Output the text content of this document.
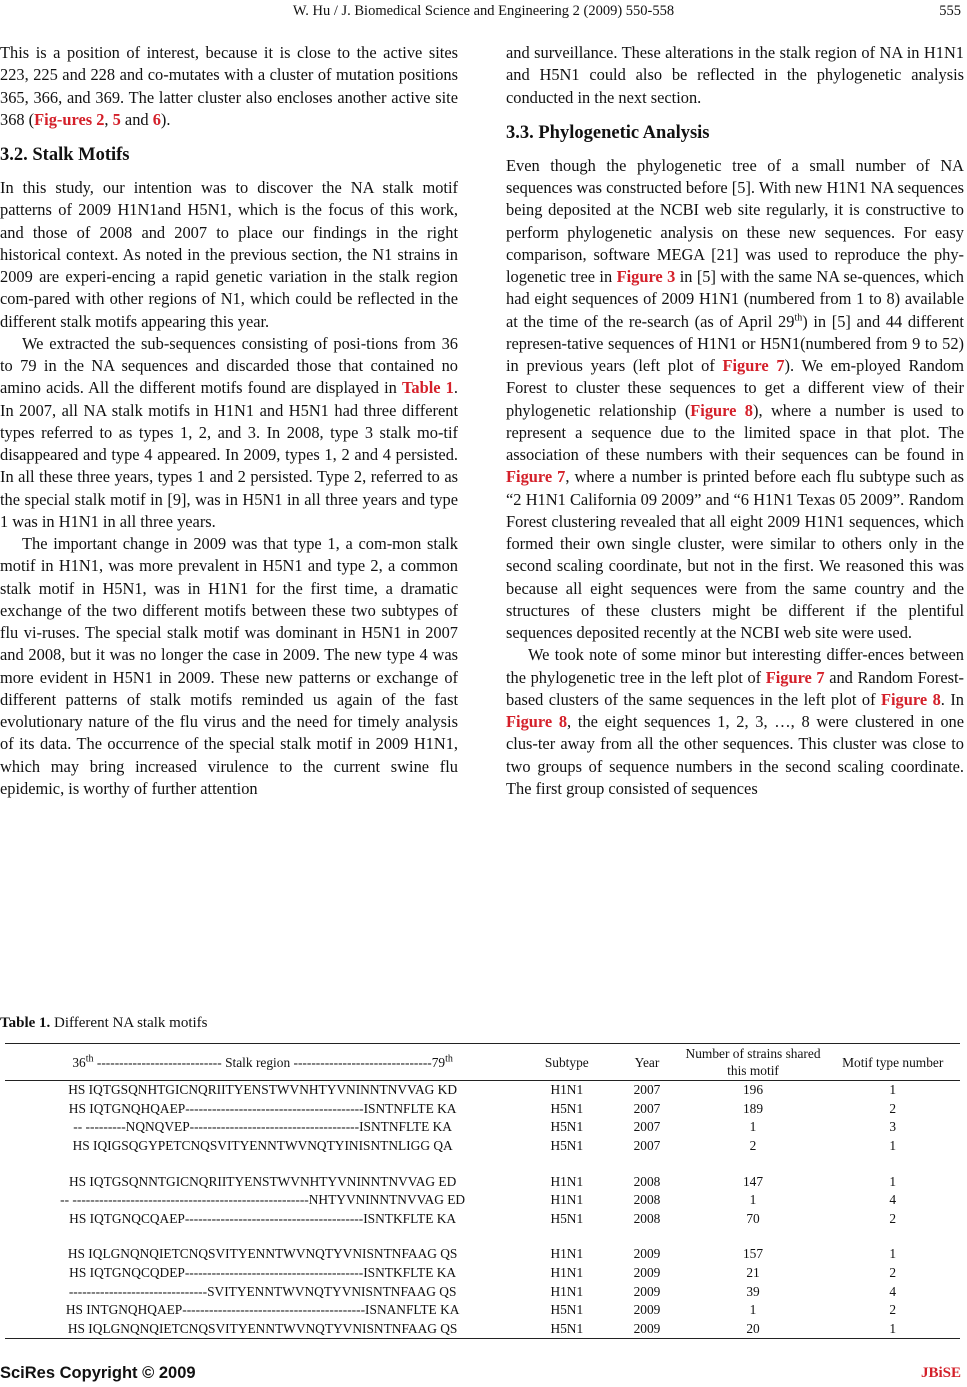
W. Hu / J. Biomedical Science and Engineering 2 (2009) 550-558	555

This is a position of interest, because it is close to the active sites 223, 225 and 228 and co-mutates with a cluster of mutation positions 365, 366, and 369. The latter cluster also encloses another active site 368 (Fig-ures 2, 5 and 6).

3.2. Stalk Motifs

In this study, our intention was to discover the NA stalk motif patterns of 2009 H1N1and H5N1, which is the focus of this work, and those of 2008 and 2007 to place our findings in the right historical context. As noted in the previous section, the N1 strains in 2009 are experi-encing a rapid genetic variation in the stalk region com-pared with other regions of N1, which could be reflected in the different stalk motifs appearing this year.

We extracted the sub-sequences consisting of posi-tions from 36 to 79 in the NA sequences and discarded those that contained no amino acids. All the different motifs found are displayed in Table 1. In 2007, all NA stalk motifs in H1N1 and H5N1 had three different types referred to as types 1, 2, and 3. In 2008, type 3 stalk mo-tif disappeared and type 4 appeared. In 2009, types 1, 2 and 4 persisted. In all these three years, types 1 and 2 persisted. Type 2, referred to as the special stalk motif in [9], was in H5N1 in all three years and type 1 was in H1N1 in all three years.

The important change in 2009 was that type 1, a com-mon stalk motif in H1N1, was more prevalent in H5N1 and type 2, a common stalk motif in H5N1, was in H1N1 for the first time, a dramatic exchange of the two different motifs between these two subtypes of flu vi-ruses. The special stalk motif was dominant in H5N1 in 2007 and 2008, but it was no longer the case in 2009. The new type 4 was more evident in H5N1 in 2009. These new patterns or exchange of different patterns of stalk motifs reminded us again of the fast evolutionary nature of the flu virus and the need for timely analysis of its data. The occurrence of the special stalk motif in 2009 H1N1, which may bring increased virulence to the current swine flu epidemic, is worthy of further attention

and surveillance. These alterations in the stalk region of NA in H1N1 and H5N1 could also be reflected in the phylogenetic analysis conducted in the next section.

3.3. Phylogenetic Analysis

Even though the phylogenetic tree of a small number of NA sequences was constructed before [5]. With new H1N1 NA sequences being deposited at the NCBI web site regularly, it is constructive to perform phylogenetic analysis on these new sequences. For easy comparison, software MEGA [21] was used to reproduce the phy-logenetic tree in Figure 3 in [5] with the same NA se-quences, which had eight sequences of 2009 H1N1 (numbered from 1 to 8) available at the time of the re-search (as of April 29th) in [5] and 44 different represen-tative sequences of H1N1 or H5N1(numbered from 9 to 52) in previous years (left plot of Figure 7). We em-ployed Random Forest to cluster these sequences to get a different view of their phylogenetic relationship (Figure 8), where a number is used to represent a sequence due to the limited space in that plot. The association of these numbers with their sequences can be found in Figure 7, where a number is printed before each flu subtype such as “2 H1N1 California 09 2009” and “6 H1N1 Texas 05 2009”. Random Forest clustering revealed that all eight 2009 H1N1 sequences, which formed their own single cluster, were similar to others only in the second scaling coordinate, but not in the first. We reasoned this was because all eight sequences were from the same country and the structures of these clusters might be different if the plentiful sequences deposited recently at the NCBI web site were used.

We took note of some minor but interesting differ-ences between the phylogenetic tree in the left plot of Figure 7 and Random Forest-based clusters of the same sequences in the left plot of Figure 8. In Figure 8, the eight sequences 1, 2, 3, …, 8 were clustered in one clus-ter away from all the other sequences. This cluster was close to two groups of sequence numbers in the second scaling coordinate. The first group consisted of sequences

Table 1. Different NA stalk motifs
36th ---------------------------- Stalk region -------------------------------79th	Subtype	Year	Number of strains shared this motif	Motif type number
HS IQTGSQNHTGICNQRIITYENSTWVNHTYVNINNTNVVAG KD	H1N1	2007	196	1
HS IQTGNQHQAEP----------------------------------------ISNTNFLTE KA	H5N1	2007	189	2
-- ---------NQNQVEP--------------------------------------ISNTNFLTE KA	H5N1	2007	1	3
HS IQIGSQGYPETCNQSVITYENNTWVNQTYINISNTNLIGG QA	H5N1	2007	2	1

HS IQTGSQNNTGICNQRIITYENSTWVNHTYVNINNTNVVAG ED	H1N1	2008	147	1
-- -----------------------------------------------------NHTYVNINNTNVVAG ED	H1N1	2008	1	4
HS IQTGNQCQAEP----------------------------------------ISNTKFLTE KA	H5N1	2008	70	2

HS IQLGNQNQIETCNQSVITYENNTWVNQTYVNISNTNFAAG QS	H1N1	2009	157	1
HS IQTGNQCQDEP----------------------------------------ISNTKFLTE KA	H1N1	2009	21	2
-------------------------------SVITYENNTWVNQTYVNISNTNFAAG QS	H1N1	2009	39	4
HS INTGNQHQAEP-----------------------------------------ISNANFLTE KA	H5N1	2009	1	2
HS IQLGNQNQIETCNQSVITYENNTWVNQTYVNISNTNFAAG QS	H5N1	2009	20	1
SciRes Copyright © 2009	JBiSE
